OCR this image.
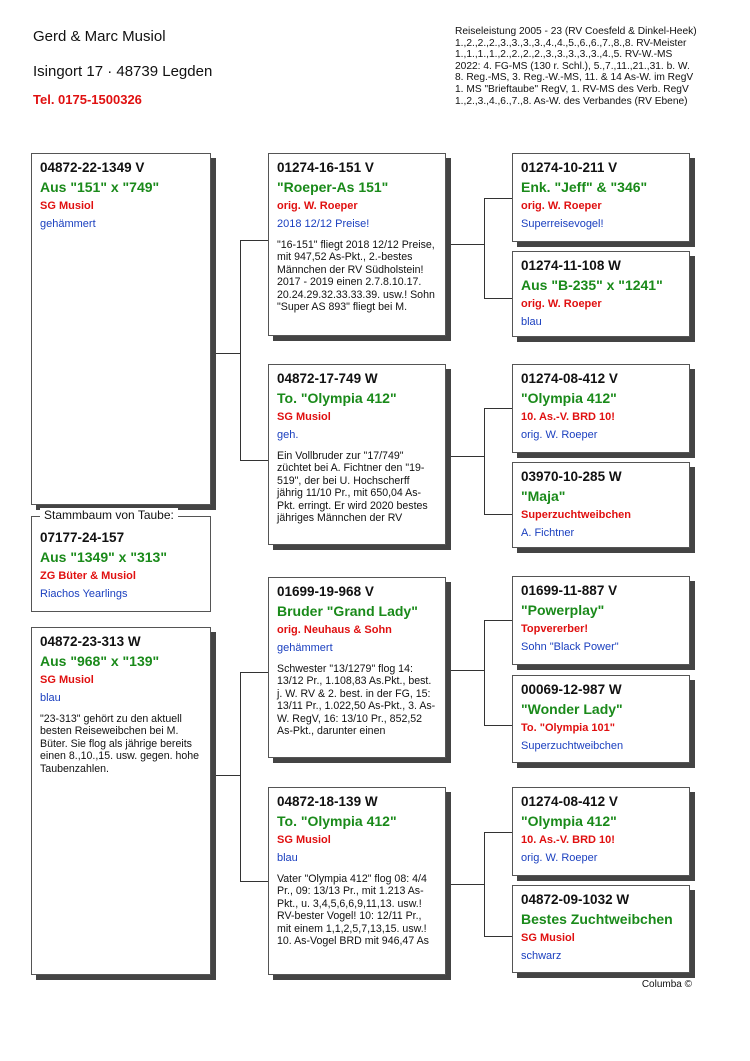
Gerd & Marc Musiol
Isingort 17 · 48739 Legden
Tel. 0175-1500326
Reiseleistung 2005 - 23 (RV Coesfeld & Dinkel-Heek)
1.,2.,2.,2.,3.,3.,3.,3.,4.,4.,5.,6.,6.,7.,8.,8. RV-Meister
1.,1.,1.,1.,2.,2.,2.,2.,3.,3.,3.,3.,3.,4.,5. RV-W.-MS
2022: 4. FG-MS (130 r. Schl.), 5.,7.,11.,21.,31. b. W.
8. Reg.-MS, 3. Reg.-W.-MS, 11. & 14 As-W. im RegV
1. MS "Brieftaube" RegV, 1. RV-MS des Verb. RegV
1.,2.,3.,4.,6.,7.,8. As-W. des Verbandes (RV Ebene)
04872-22-1349 V
Aus "151" x "749"
SG Musiol
gehämmert
Stammbaum von Taube:
07177-24-157
Aus "1349" x "313"
ZG Büter & Musiol
Riachos Yearlings
04872-23-313 W
Aus "968" x "139"
SG Musiol
blau
"23-313" gehört zu den aktuell besten Reiseweibchen bei M. Büter. Sie flog als jährige bereits einen 8.,10.,15. usw. gegen. hohe Taubenzahlen.
01274-16-151 V
"Roeper-As 151"
orig. W. Roeper
2018 12/12 Preise!
"16-151" fliegt 2018 12/12 Preise, mit 947,52 As-Pkt., 2.-bestes Männchen der RV Südholstein! 2017 - 2019 einen 2.7.8.10.17. 20.24.29.32.33.33.39. usw.! Sohn "Super AS 893" fliegt bei M.
04872-17-749 W
To. "Olympia 412"
SG Musiol
geh.
Ein Vollbruder zur "17/749" züchtet bei A. Fichtner den "19-519", der bei U. Hochscherff jährig 11/10 Pr., mit 650,04 As-Pkt. erringt. Er wird 2020 bestes jähriges Männchen der RV
01699-19-968 V
Bruder "Grand Lady"
orig. Neuhaus & Sohn
gehämmert
Schwester "13/1279" flog 14: 13/12 Pr., 1.108,83 As.Pkt., best. j. W. RV & 2. best. in der FG, 15: 13/11 Pr., 1.022,50 As-Pkt., 3. As-W. RegV, 16: 13/10 Pr., 852,52 As-Pkt., darunter einen
04872-18-139 W
To. "Olympia 412"
SG Musiol
blau
Vater "Olympia 412" flog 08: 4/4 Pr., 09: 13/13 Pr., mit 1.213 As-Pkt., u. 3,4,5,6,6,9,11,13. usw.! RV-bester Vogel! 10: 12/11 Pr., mit einem 1,1,2,5,7,13,15. usw.! 10. As-Vogel BRD mit 946,47 As
01274-10-211 V
Enk. "Jeff" & "346"
orig. W. Roeper
Superreisevogel!
01274-11-108 W
Aus "B-235" x "1241"
orig. W. Roeper
blau
01274-08-412 V
"Olympia 412"
10. As.-V. BRD 10!
orig. W. Roeper
03970-10-285 W
"Maja"
Superzuchtweibchen
A. Fichtner
01699-11-887 V
"Powerplay"
Topvererber!
Sohn "Black Power"
00069-12-987 W
"Wonder Lady"
To. "Olympia 101"
Superzuchtweibchen
01274-08-412 V
"Olympia 412"
10. As.-V. BRD 10!
orig. W. Roeper
04872-09-1032 W
Bestes Zuchtweibchen
SG Musiol
schwarz
Columba ©
